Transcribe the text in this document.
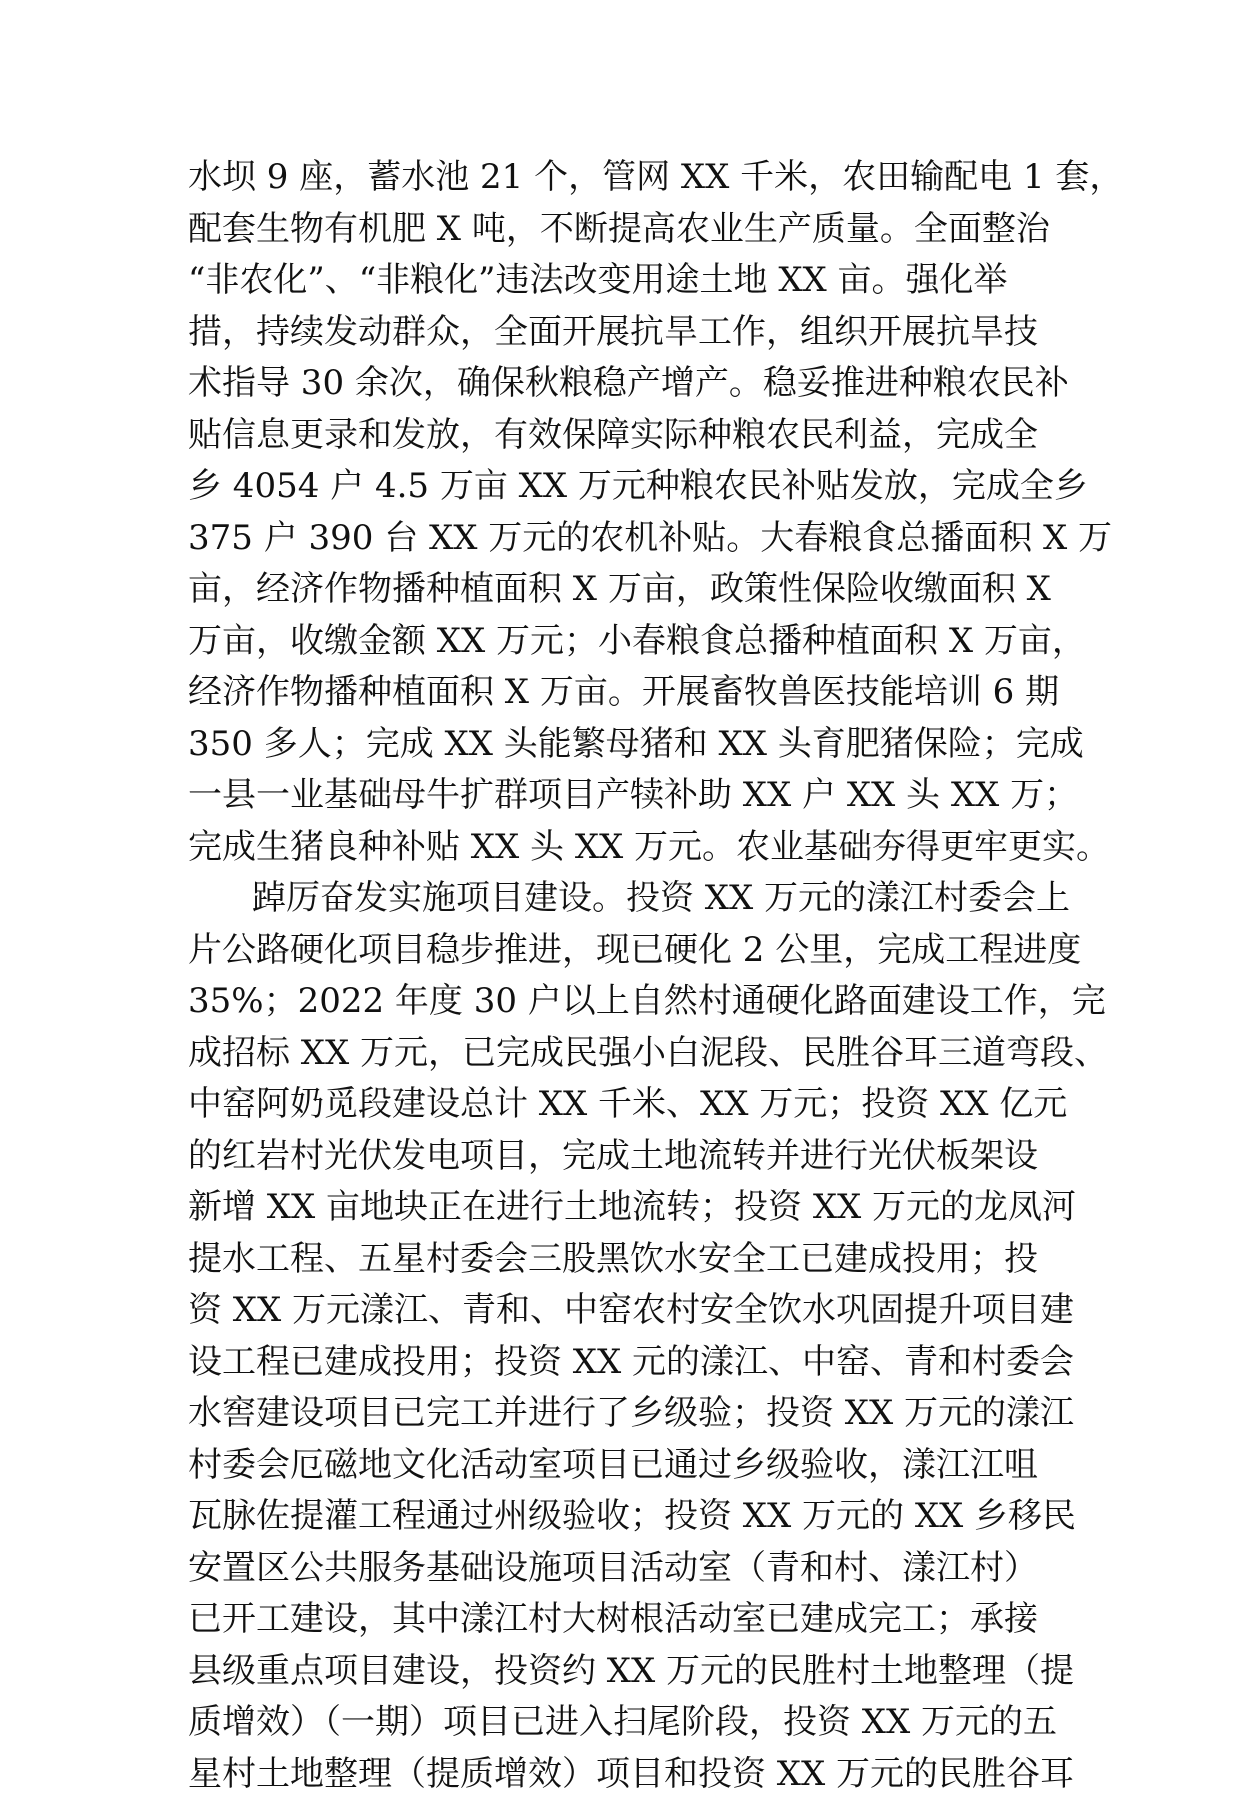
水坝 9 座，蓄水池 21 个，管网 XX 千米，农田输配电 1 套，
配套生物有机肥 X 吨，不断提高农业生产质量。全面整治
“非农化”、“非粮化”违法改变用途土地 XX 亩。强化举
措，持续发动群众，全面开展抗旱工作，组织开展抗旱技
术指导 30 余次，确保秋粮稳产增产。稳妥推进种粮农民补
贴信息更录和发放，有效保障实际种粮农民利益，完成全
乡 4054 户 4.5 万亩 XX 万元种粮农民补贴发放，完成全乡
375 户 390 台 XX 万元的农机补贴。大春粮食总播面积 X 万
亩，经济作物播种植面积 X 万亩，政策性保险收缴面积 X
万亩，收缴金额 XX 万元；小春粮食总播种植面积 X 万亩，
经济作物播种植面积 X 万亩。开展畜牧兽医技能培训 6 期
350 多人；完成 XX 头能繁母猪和 XX 头育肥猪保险；完成
一县一业基础母牛扩群项目产犊补助 XX 户 XX 头 XX 万；
完成生猪良种补贴 XX 头 XX 万元。农业基础夯得更牢更实。
踔厉奋发实施项目建设。投资 XX 万元的漾江村委会上
片公路硬化项目稳步推进，现已硬化 2 公里，完成工程进度
35%；2022 年度 30 户以上自然村通硬化路面建设工作，完
成招标 XX 万元，已完成民强小白泥段、民胜谷耳三道弯段、
中窑阿奶觅段建设总计 XX 千米、XX 万元；投资 XX 亿元
的红岩村光伏发电项目，完成土地流转并进行光伏板架设
新增 XX 亩地块正在进行土地流转；投资 XX 万元的龙凤河
提水工程、五星村委会三股黑饮水安全工已建成投用；投
资 XX 万元漾江、青和、中窑农村安全饮水巩固提升项目建
设工程已建成投用；投资 XX 元的漾江、中窑、青和村委会
水窖建设项目已完工并进行了乡级验；投资 XX 万元的漾江
村委会厄磁地文化活动室项目已通过乡级验收，漾江江咀
瓦脉佐提灌工程通过州级验收；投资 XX 万元的 XX 乡移民
安置区公共服务基础设施项目活动室（青和村、漾江村）
已开工建设，其中漾江村大树根活动室已建成完工；承接
县级重点项目建设，投资约 XX 万元的民胜村土地整理（提
质增效）（一期）项目已进入扫尾阶段，投资 XX 万元的五
星村土地整理（提质增效）项目和投资 XX 万元的民胜谷耳
